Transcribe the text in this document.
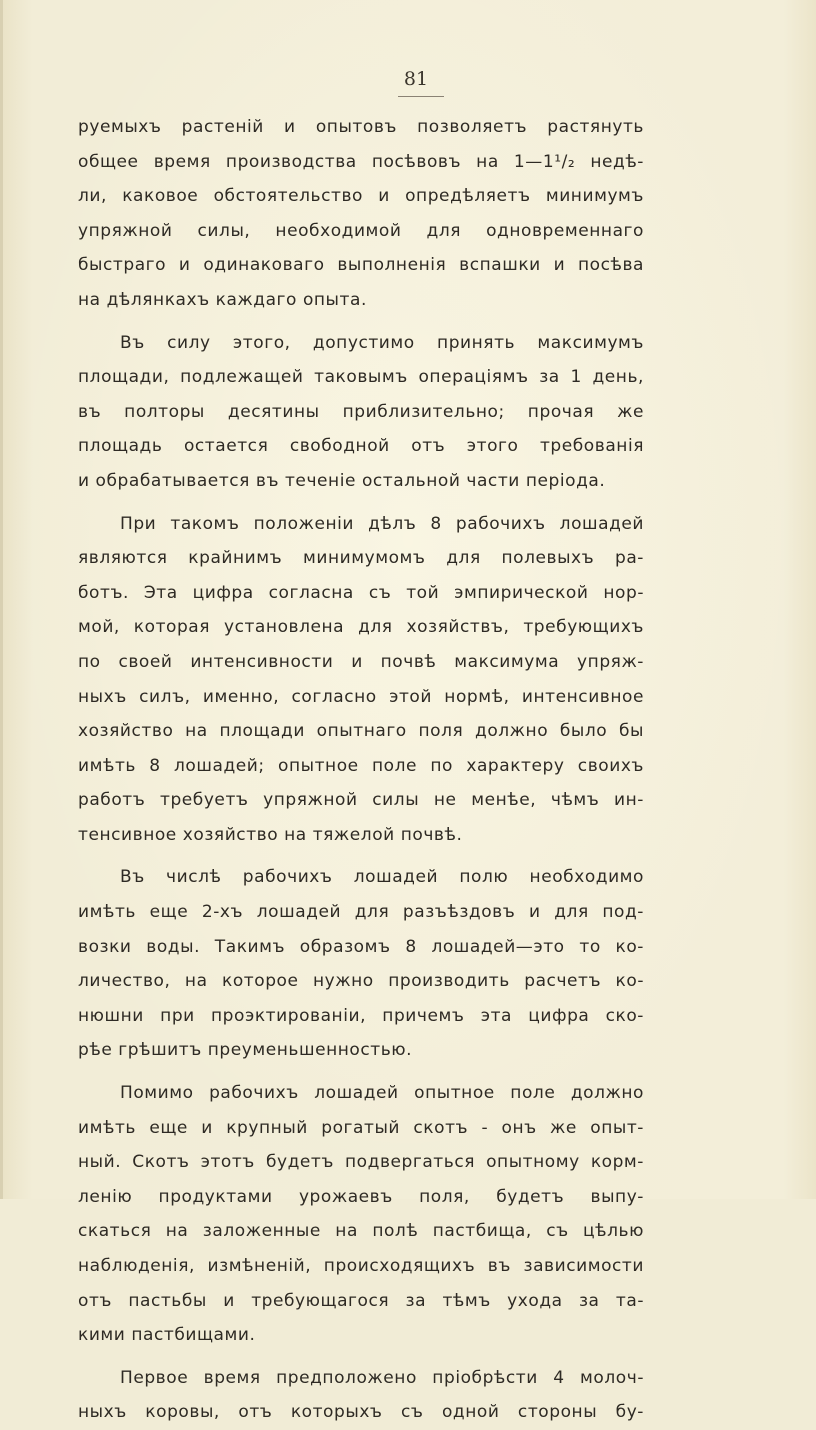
81
руемыхъ растенiй и опытовъ позволяетъ растянуть
общее время производства посѣвовъ на 1—1¹/₂ недѣ-
ли, каковое обстоятельство и опредѣляетъ минимумъ
упряжной силы, необходимой для одновременнаго
быстраго и одинаковаго выполненiя вспашки и посѣва
на дѣлянкахъ каждаго опыта.
Въ силу этого, допустимо принять максимумъ
площади, подлежащей таковымъ операцiямъ за 1 день,
въ полторы десятины приблизительно; прочая же
площадь остается свободной отъ этого требованiя
и обрабатывается въ теченiе остальной части перiода.
При такомъ положенiи дѣлъ 8 рабочихъ лошадей
являются крайнимъ минимумомъ для полевыхъ ра-
ботъ. Эта цифра согласна съ той эмпирической нор-
мой, которая установлена для хозяйствъ, требующихъ
по своей интенсивности и почвѣ максимума упряж-
ныхъ силъ, именно, согласно этой нормѣ, интенсивное
хозяйство на площади опытнаго поля должно было бы
имѣть 8 лошадей; опытное поле по характеру своихъ
работъ требуетъ упряжной силы не менѣе, чѣмъ ин-
тенсивное хозяйство на тяжелой почвѣ.
Въ числѣ рабочихъ лошадей полю необходимо
имѣть еще 2-хъ лошадей для разъѣздовъ и для под-
возки воды. Такимъ образомъ 8 лошадей—это то ко-
личество, на которое нужно производить расчетъ ко-
нюшни при проэктированiи, причемъ эта цифра ско-
рѣе грѣшитъ преуменьшенностью.
Помимо рабочихъ лошадей опытное поле должно
имѣть еще и крупный рогатый скотъ - онъ же опыт-
ный. Скотъ этотъ будетъ подвергаться опытному корм-
ленiю продуктами урожаевъ поля, будетъ выпу-
скаться на заложенные на полѣ пастбища, съ цѣлью
наблюденiя, измѣненiй, происходящихъ въ зависимости
отъ пастьбы и требующагося за тѣмъ ухода за та-
кими пастбищами.
Первое время предположено прiобрѣсти 4 молоч-
ныхъ коровы, отъ которыхъ съ одной стороны бу-
